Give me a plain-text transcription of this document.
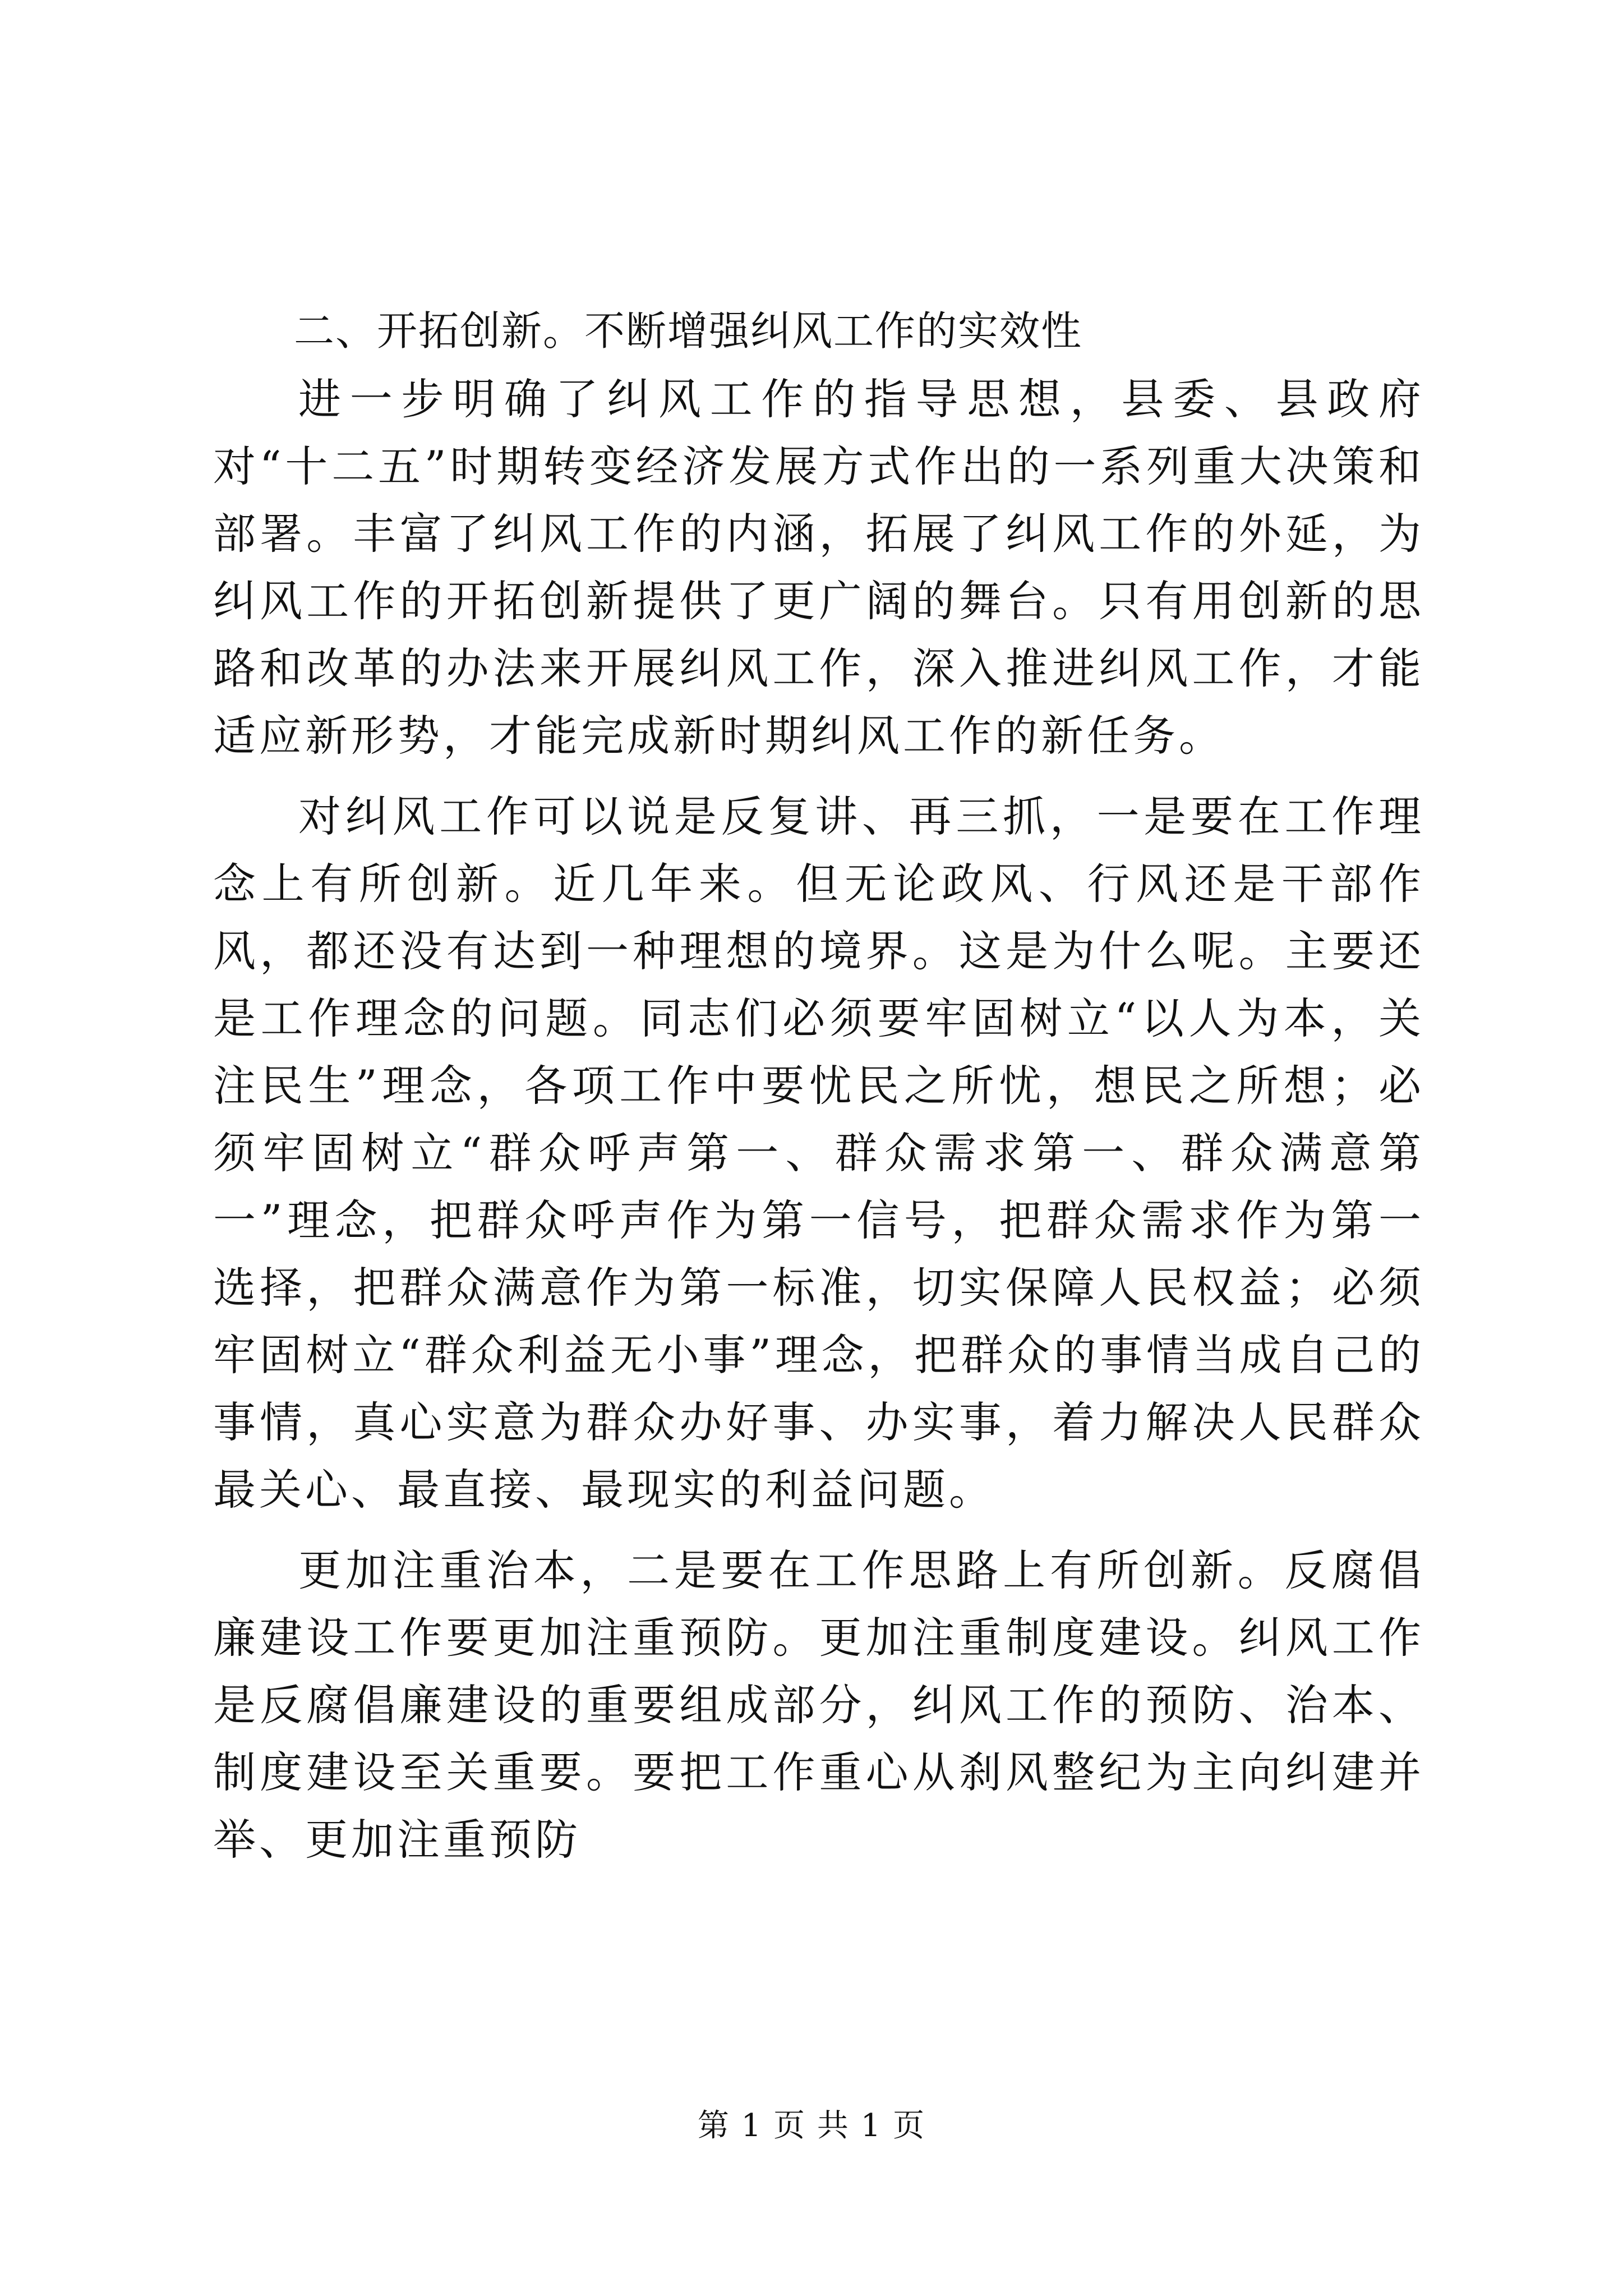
二、开拓创新。不断增强纠风工作的实效性

进一步明确了纠风工作的指导思想，县委、县政府对“十二五”时期转变经济发展方式作出的一系列重大决策和部署。丰富了纠风工作的内涵，拓展了纠风工作的外延，为纠风工作的开拓创新提供了更广阔的舞台。只有用创新的思路和改革的办法来开展纠风工作，深入推进纠风工作，才能适应新形势，才能完成新时期纠风工作的新任务。

对纠风工作可以说是反复讲、再三抓，一是要在工作理念上有所创新。近几年来。但无论政风、行风还是干部作风，都还没有达到一种理想的境界。这是为什么呢。主要还是工作理念的问题。同志们必须要牢固树立“以人为本，关注民生”理念，各项工作中要忧民之所忧，想民之所想；必须牢固树立“群众呼声第一、群众需求第一、群众满意第一”理念，把群众呼声作为第一信号，把群众需求作为第一选择，把群众满意作为第一标准，切实保障人民权益；必须牢固树立“群众利益无小事”理念，把群众的事情当成自己的事情，真心实意为群众办好事、办实事，着力解决人民群众最关心、最直接、最现实的利益问题。

更加注重治本，二是要在工作思路上有所创新。反腐倡廉建设工作要更加注重预防。更加注重制度建设。纠风工作是反腐倡廉建设的重要组成部分，纠风工作的预防、治本、制度建设至关重要。要把工作重心从刹风整纪为主向纠建并举、更加注重预防

第 1 页 共 1 页
